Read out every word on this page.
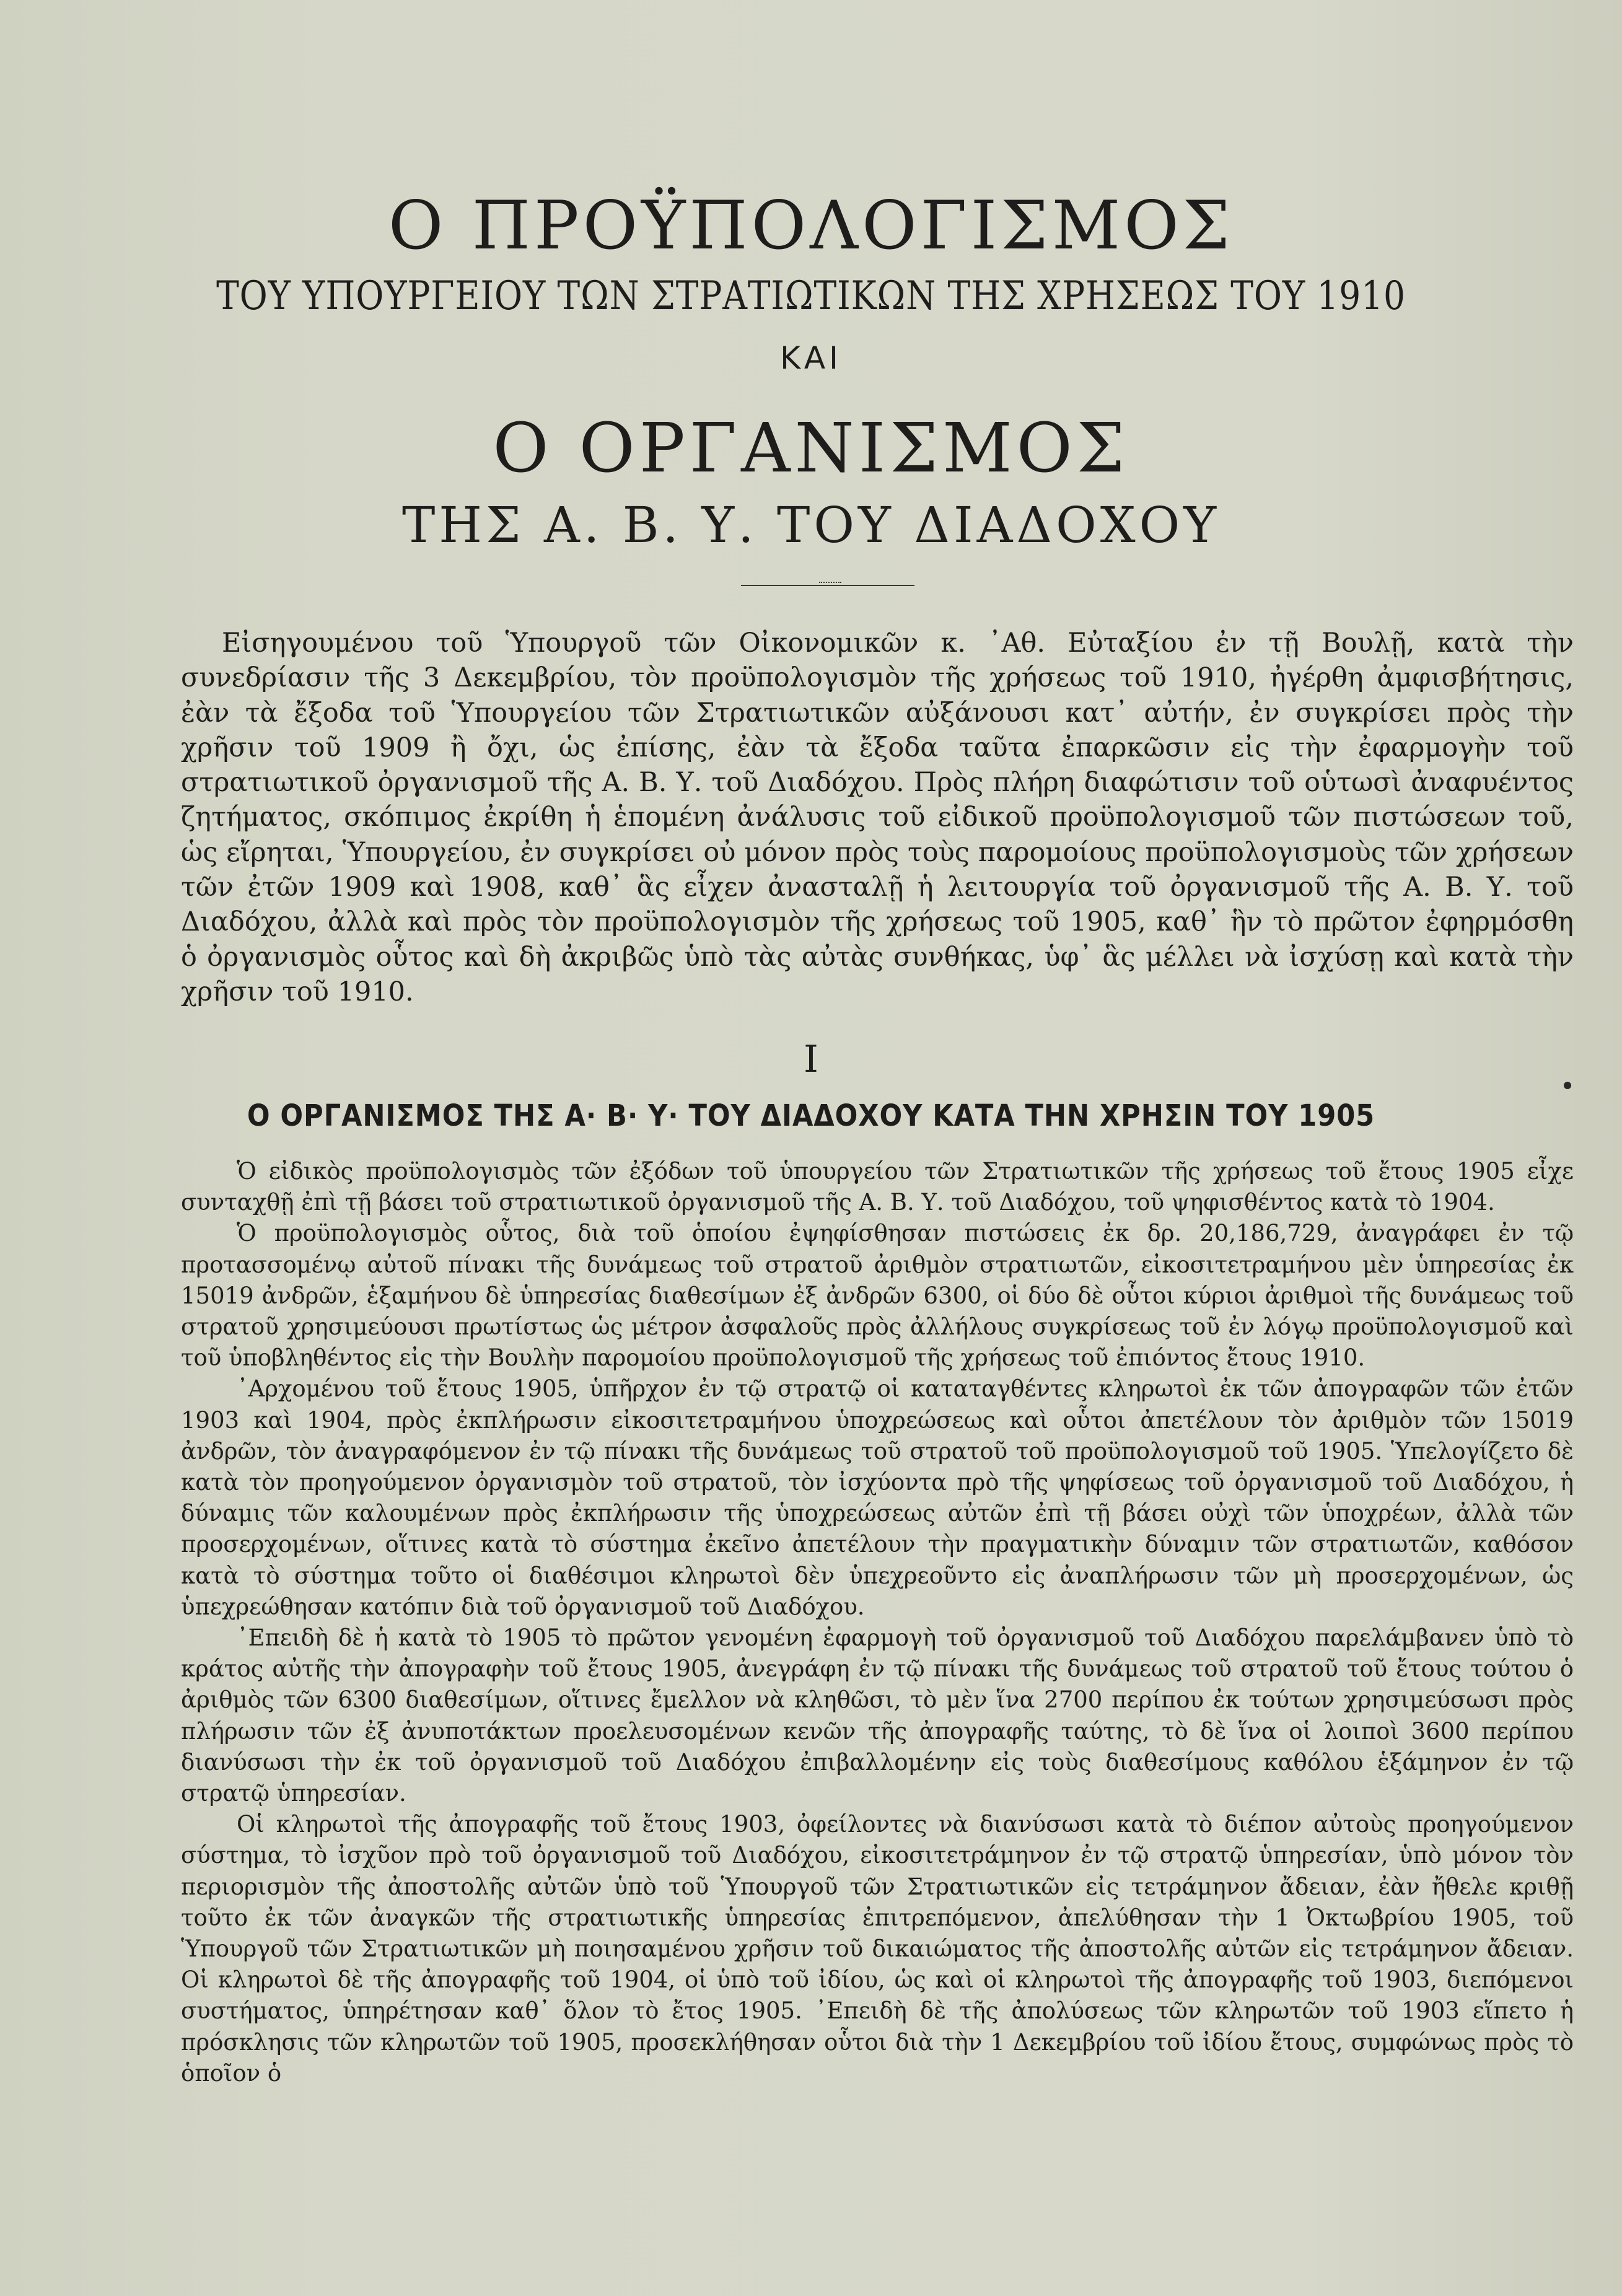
Ο ΠΡΟΫΠΟΛΟΓΙΣΜΟΣ
ΤΟΥ ΥΠΟΥΡΓΕΙΟΥ ΤΩΝ ΣΤΡΑΤΙΩΤΙΚΩΝ ΤΗΣ ΧΡΗΣΕΩΣ ΤΟΥ 1910
ΚΑΙ
Ο ΟΡΓΑΝΙΣΜΟΣ
ΤΗΣ Α. Β. Υ. ΤΟΥ ΔΙΑΔΟΧΟΥ
Εἰσηγουμένου τοῦ Ὑπουργοῦ τῶν Οἰκονομικῶν κ. ᾿Αθ. Εὐταξίου ἐν τῇ Βουλῇ, κατὰ τὴν συνεδρίασιν τῆς 3 Δεκεμβρίου, τὸν προϋπολογισμὸν τῆς χρήσεως τοῦ 1910, ἠγέρθη ἀμφισβήτησις, ἐὰν τὰ ἔξοδα τοῦ Ὑπουργείου τῶν Στρατιωτικῶν αὐξάνουσι κατ᾿ αὐτήν, ἐν συγκρίσει πρὸς τὴν χρῆσιν τοῦ 1909 ἢ ὄχι, ὡς ἐπίσης, ἐὰν τὰ ἔξοδα ταῦτα ἐπαρκῶσιν εἰς τὴν ἐφαρμογὴν τοῦ στρατιωτικοῦ ὀργανισμοῦ τῆς Α. Β. Υ. τοῦ Διαδόχου. Πρὸς πλήρη διαφώτισιν τοῦ οὑτωσὶ ἀναφυέντος ζητήματος, σκόπιμος ἐκρίθη ἡ ἑπομένη ἀνάλυσις τοῦ εἰδικοῦ προϋπολογισμοῦ τῶν πιστώσεων τοῦ, ὡς εἴρηται, Ὑπουργείου, ἐν συγκρίσει οὐ μόνον πρὸς τοὺς παρομοίους προϋπολογισμοὺς τῶν χρήσεων τῶν ἐτῶν 1909 καὶ 1908, καθ᾿ ἃς εἶχεν ἀνασταλῇ ἡ λειτουργία τοῦ ὀργανισμοῦ τῆς Α. Β. Υ. τοῦ Διαδόχου, ἀλλὰ καὶ πρὸς τὸν προϋπολογισμὸν τῆς χρήσεως τοῦ 1905, καθ᾿ ἣν τὸ πρῶτον ἐφηρμόσθη ὁ ὀργανισμὸς οὗτος καὶ δὴ ἀκριβῶς ὑπὸ τὰς αὐτὰς συνθήκας, ὑφ᾿ ἃς μέλλει νὰ ἰσχύσῃ καὶ κατὰ τὴν χρῆσιν τοῦ 1910.
Ι
Ο ΟΡΓΑΝΙΣΜΟΣ ΤΗΣ Α· Β· Υ· ΤΟΥ ΔΙΑΔΟΧΟΥ ΚΑΤΑ ΤΗΝ ΧΡΗΣΙΝ ΤΟΥ 1905

Ὁ εἰδικὸς προϋπολογισμὸς τῶν ἐξόδων τοῦ ὑπουργείου τῶν Στρατιωτικῶν τῆς χρήσεως τοῦ ἔτους 1905 εἶχε συνταχθῇ ἐπὶ τῇ βάσει τοῦ στρατιωτικοῦ ὀργανισμοῦ τῆς Α. Β. Υ. τοῦ Διαδόχου, τοῦ ψηφισθέντος κατὰ τὸ 1904.

Ὁ προϋπολογισμὸς οὗτος, διὰ τοῦ ὁποίου ἐψηφίσθησαν πιστώσεις ἐκ δρ. 20,186,729, ἀναγράφει ἐν τῷ προτασσομένῳ αὐτοῦ πίνακι τῆς δυνάμεως τοῦ στρατοῦ ἀριθμὸν στρατιωτῶν, εἰκοσιτετραμήνου μὲν ὑπηρεσίας ἐκ 15019 ἀνδρῶν, ἑξαμήνου δὲ ὑπηρεσίας διαθεσίμων ἐξ ἀνδρῶν 6300, οἱ δύο δὲ οὗτοι κύριοι ἀριθμοὶ τῆς δυνάμεως τοῦ στρατοῦ χρησιμεύουσι πρωτίστως ὡς μέτρον ἀσφαλοῦς πρὸς ἀλλήλους συγκρίσεως τοῦ ἐν λόγῳ προϋπολογισμοῦ καὶ τοῦ ὑποβληθέντος εἰς τὴν Βουλὴν παρομοίου προϋπολογισμοῦ τῆς χρήσεως τοῦ ἐπιόντος ἔτους 1910.

᾿Αρχομένου τοῦ ἔτους 1905, ὑπῆρχον ἐν τῷ στρατῷ οἱ καταταγθέντες κληρωτοὶ ἐκ τῶν ἀπογραφῶν τῶν ἐτῶν 1903 καὶ 1904, πρὸς ἐκπλήρωσιν εἰκοσιτετραμήνου ὑποχρεώσεως καὶ οὗτοι ἀπετέλουν τὸν ἀριθμὸν τῶν 15019 ἀνδρῶν, τὸν ἀναγραφόμενον ἐν τῷ πίνακι τῆς δυνάμεως τοῦ στρατοῦ τοῦ προϋπολογισμοῦ τοῦ 1905. Ὑπελογίζετο δὲ κατὰ τὸν προηγούμενον ὀργανισμὸν τοῦ στρατοῦ, τὸν ἰσχύοντα πρὸ τῆς ψηφίσεως τοῦ ὀργανισμοῦ τοῦ Διαδόχου, ἡ δύναμις τῶν καλουμένων πρὸς ἐκπλήρωσιν τῆς ὑποχρεώσεως αὐτῶν ἐπὶ τῇ βάσει οὐχὶ τῶν ὑποχρέων, ἀλλὰ τῶν προσερχομένων, οἵτινες κατὰ τὸ σύστημα ἐκεῖνο ἀπετέλουν τὴν πραγματικὴν δύναμιν τῶν στρατιωτῶν, καθόσον κατὰ τὸ σύστημα τοῦτο οἱ διαθέσιμοι κληρωτοὶ δὲν ὑπεχρεοῦντο εἰς ἀναπλήρωσιν τῶν μὴ προσερχομένων, ὡς ὑπεχρεώθησαν κατόπιν διὰ τοῦ ὀργανισμοῦ τοῦ Διαδόχου.

᾿Επειδὴ δὲ ἡ κατὰ τὸ 1905 τὸ πρῶτον γενομένη ἐφαρμογὴ τοῦ ὀργανισμοῦ τοῦ Διαδόχου παρελάμβανεν ὑπὸ τὸ κράτος αὐτῆς τὴν ἀπογραφὴν τοῦ ἔτους 1905, ἀνεγράφη ἐν τῷ πίνακι τῆς δυνάμεως τοῦ στρατοῦ τοῦ ἔτους τούτου ὁ ἀριθμὸς τῶν 6300 διαθεσίμων, οἵτινες ἔμελλον νὰ κληθῶσι, τὸ μὲν ἵνα 2700 περίπου ἐκ τούτων χρησιμεύσωσι πρὸς πλήρωσιν τῶν ἐξ ἀνυποτάκτων προελευσομένων κενῶν τῆς ἀπογραφῆς ταύτης, τὸ δὲ ἵνα οἱ λοιποὶ 3600 περίπου διανύσωσι τὴν ἐκ τοῦ ὀργανισμοῦ τοῦ Διαδόχου ἐπιβαλλομένην εἰς τοὺς διαθεσίμους καθόλου ἑξάμηνον ἐν τῷ στρατῷ ὑπηρεσίαν.

Οἱ κληρωτοὶ τῆς ἀπογραφῆς τοῦ ἔτους 1903, ὀφείλοντες νὰ διανύσωσι κατὰ τὸ διέπον αὐτοὺς προηγούμενον σύστημα, τὸ ἰσχῦον πρὸ τοῦ ὀργανισμοῦ τοῦ Διαδόχου, εἰκοσιτετράμηνον ἐν τῷ στρατῷ ὑπηρεσίαν, ὑπὸ μόνον τὸν περιορισμὸν τῆς ἀποστολῆς αὐτῶν ὑπὸ τοῦ Ὑπουργοῦ τῶν Στρατιωτικῶν εἰς τετράμηνον ἄδειαν, ἐὰν ἤθελε κριθῇ τοῦτο ἐκ τῶν ἀναγκῶν τῆς στρατιωτικῆς ὑπηρεσίας ἐπιτρεπόμενον, ἀπελύθησαν τὴν 1 Ὀκτωβρίου 1905, τοῦ Ὑπουργοῦ τῶν Στρατιωτικῶν μὴ ποιησαμένου χρῆσιν τοῦ δικαιώματος τῆς ἀποστολῆς αὐτῶν εἰς τετράμηνον ἄδειαν. Οἱ κληρωτοὶ δὲ τῆς ἀπογραφῆς τοῦ 1904, οἱ ὑπὸ τοῦ ἰδίου, ὡς καὶ οἱ κληρωτοὶ τῆς ἀπογραφῆς τοῦ 1903, διεπόμενοι συστήματος, ὑπηρέτησαν καθ᾿ ὅλον τὸ ἔτος 1905. ᾿Επειδὴ δὲ τῆς ἀπολύσεως τῶν κληρωτῶν τοῦ 1903 εἵπετο ἡ πρόσκλησις τῶν κληρωτῶν τοῦ 1905, προσεκλήθησαν οὗτοι διὰ τὴν 1 Δεκεμβρίου τοῦ ἰδίου ἔτους, συμφώνως πρὸς τὸ ὁποῖον ὁ
